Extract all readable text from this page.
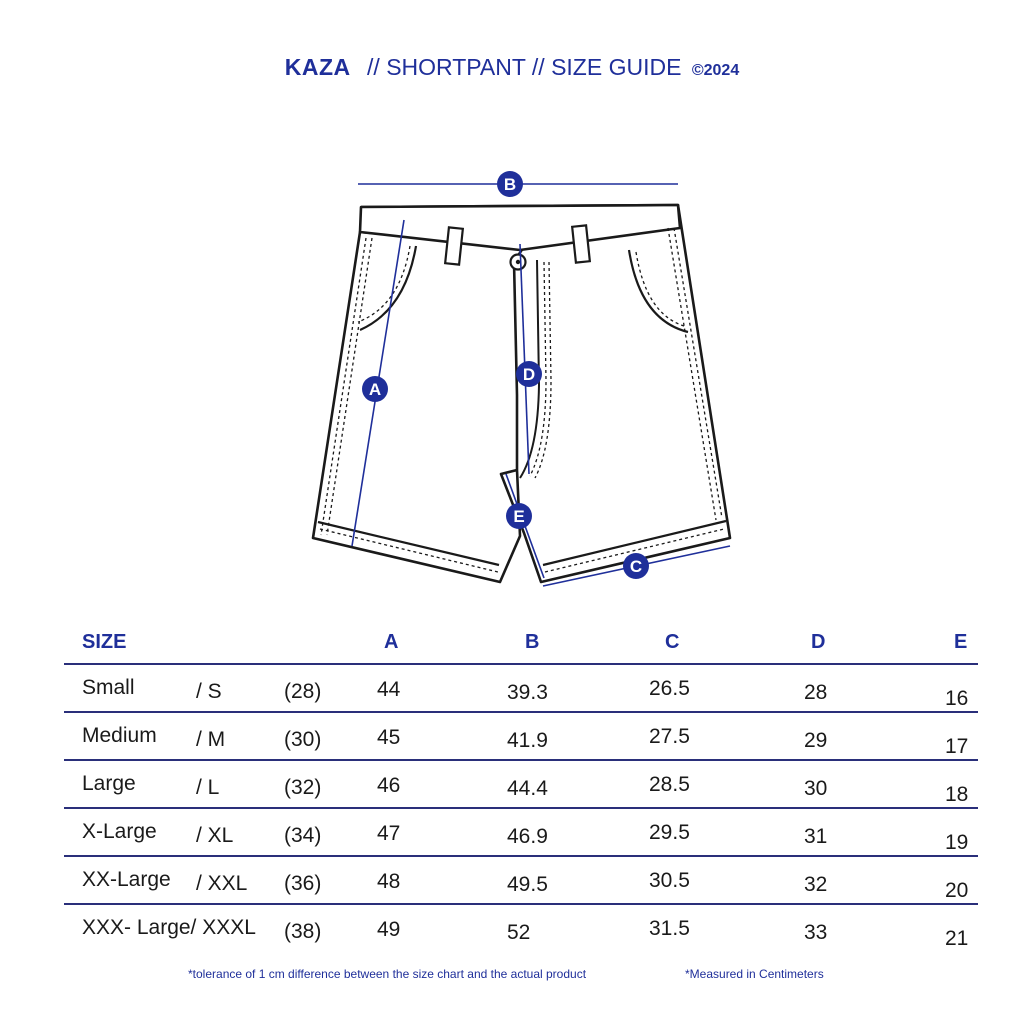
KAZA // SHORTPANT // SIZE GUIDE ©2024
B
A
D
E
C
SIZE	A	B	C	D	E
Small	/ S	(28)	44	39.3	26.5	28	16
Medium / M	(30)	45	41.9	27.5	29	17
Large	/ L	(32)	46	44.4	28.5	30	18
X-Large / XL (34)	47	46.9	29.5	31	19
XX-Large / XXL (36)	48	49.5	30.5	32	20
XXX- Large/ XXXL (38)	49	52	31.5	33	21
*tolerance of 1 cm difference between the size chart and the actual product	*Measured in Centimeters
